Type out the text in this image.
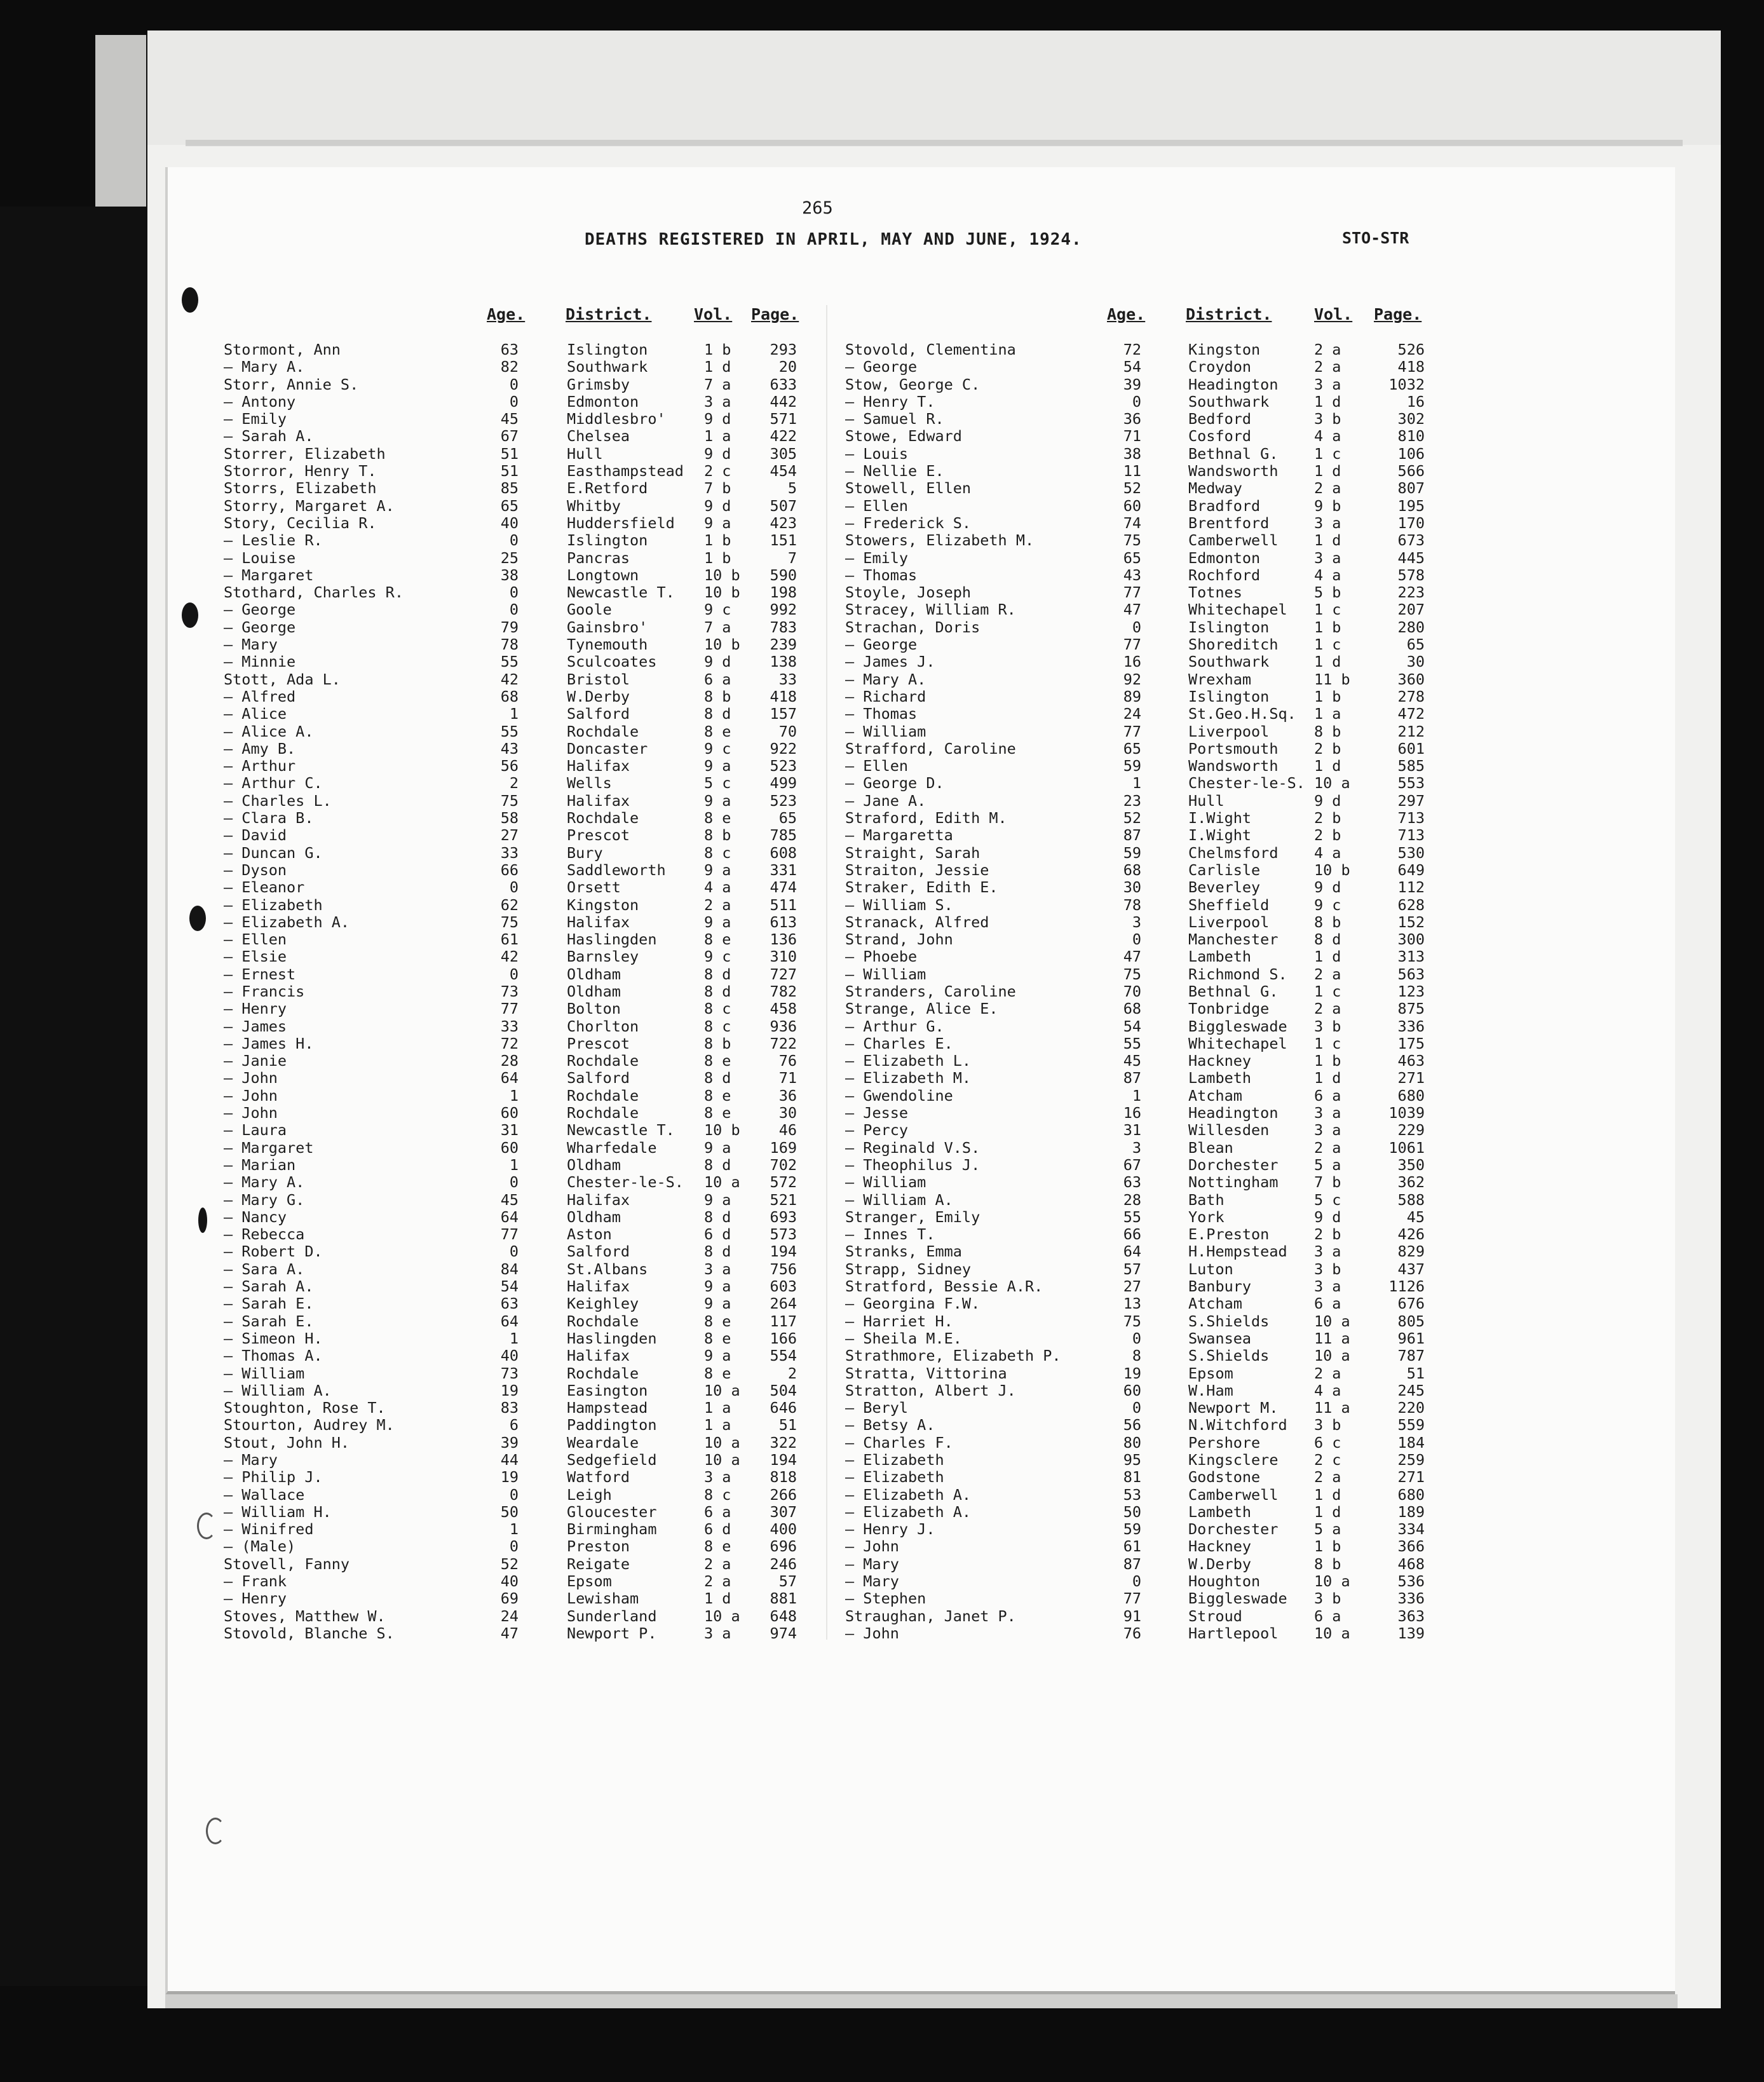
265
DEATHS REGISTERED IN APRIL, MAY AND JUNE, 1924.	STO-STR
Age.	District.	Vol. Page.	Age.	District.	Vol. Page.
Stormont, Ann	63	Islington	1 b	293
— Mary A.	82	Southwark	1 d	20
Storr, Annie S.	0	Grimsby	7 a	633
— Antony	0	Edmonton	3 a	442
— Emily	45	Middlesbro'	9 d	571
— Sarah A.	67	Chelsea	1 a	422
Storrer, Elizabeth	51	Hull	9 d	305
Storror, Henry T.	51	Easthampstead 2 c	454
Storrs, Elizabeth	85	E.Retford	7 b	5
Storry, Margaret A.	65	Whitby	9 d	507
Story, Cecilia R.	40	Huddersfield 9 a	423
— Leslie R.	0	Islington	1 b	151
— Louise	25	Pancras	1 b	7
— Margaret	38	Longtown	10 b	590
Stothard, Charles R.	0	Newcastle T. 10 b	198
— George	0	Goole	9 c	992
— George	79	Gainsbro'	7 a	783
— Mary	78	Tynemouth	10 b	239
— Minnie	55	Sculcoates	9 d	138
Stott, Ada L.	42	Bristol	6 a	33
— Alfred	68	W.Derby	8 b	418
— Alice	1	Salford	8 d	157
— Alice A.	55	Rochdale	8 e	70
— Amy B.	43	Doncaster	9 c	922
— Arthur	56	Halifax	9 a	523
— Arthur C.	2	Wells	5 c	499
— Charles L.	75	Halifax	9 a	523
— Clara B.	58	Rochdale	8 e	65
— David	27	Prescot	8 b	785
— Duncan G.	33	Bury	8 c	608
— Dyson	66	Saddleworth	9 a	331
— Eleanor	0	Orsett	4 a	474
— Elizabeth	62	Kingston	2 a	511
— Elizabeth A.	75	Halifax	9 a	613
— Ellen	61	Haslingden	8 e	136
— Elsie	42	Barnsley	9 c	310
— Ernest	0	Oldham	8 d	727
— Francis	73	Oldham	8 d	782
— Henry	77	Bolton	8 c	458
— James	33	Chorlton	8 c	936
— James H.	72	Prescot	8 b	722
— Janie	28	Rochdale	8 e	76
— John	64	Salford	8 d	71
— John	1	Rochdale	8 e	36
— John	60	Rochdale	8 e	30
— Laura	31	Newcastle T. 10 b	46
— Margaret	60	Wharfedale	9 a	169
— Marian	1	Oldham	8 d	702
— Mary A.	0	Chester-le-S. 10 a	572
— Mary G.	45	Halifax	9 a	521
— Nancy	64	Oldham	8 d	693
— Rebecca	77	Aston	6 d	573
— Robert D.	0	Salford	8 d	194
— Sara A.	84	St.Albans	3 a	756
— Sarah A.	54	Halifax	9 a	603
— Sarah E.	63	Keighley	9 a	264
— Sarah E.	64	Rochdale	8 e	117
— Simeon H.	1	Haslingden	8 e	166
— Thomas A.	40	Halifax	9 a	554
— William	73	Rochdale	8 e	2
— William A.	19	Easington	10 a	504
Stoughton, Rose T.	83	Hampstead	1 a	646
Stourton, Audrey M.	6	Paddington	1 a	51
Stout, John H.	39	Weardale	10 a	322
— Mary	44	Sedgefield	10 a	194
— Philip J.	19	Watford	3 a	818
— Wallace	0	Leigh	8 c	266
— William H.	50	Gloucester	6 a	307
— Winifred	1	Birmingham	6 d	400
— (Male)	0	Preston	8 e	696
Stovell, Fanny	52	Reigate	2 a	246
— Frank	40	Epsom	2 a	57
— Henry	69	Lewisham	1 d	881
Stoves, Matthew W.	24	Sunderland	10 a	648
Stovold, Blanche S.	47	Newport P.	3 a	974
Stovold, Clementina	72	Kingston	2 a	526
— George	54	Croydon	2 a	418
Stow, George C.	39	Headington 3 a	1032
— Henry T.	0	Southwark	1 d	16
— Samuel R.	36	Bedford	3 b	302
Stowe, Edward	71	Cosford	4 a	810
— Louis	38	Bethnal G. 1 c	106
— Nellie E.	11	Wandsworth 1 d	566
Stowell, Ellen	52	Medway	2 a	807
— Ellen	60	Bradford	9 b	195
— Frederick S.	74	Brentford	3 a	170
Stowers, Elizabeth M.	75	Camberwell 1 d	673
— Emily	65	Edmonton	3 a	445
— Thomas	43	Rochford	4 a	578
Stoyle, Joseph	77	Totnes	5 b	223
Stracey, William R.	47	Whitechapel 1 c	207
Strachan, Doris	0	Islington	1 b	280
— George	77	Shoreditch 1 c	65
— James J.	16	Southwark	1 d	30
— Mary A.	92	Wrexham	11 b	360
— Richard	89	Islington	1 b	278
— Thomas	24	St.Geo.H.Sq. 1 a	472
— William	77	Liverpool	8 b	212
Strafford, Caroline	65	Portsmouth 2 b	601
— Ellen	59	Wandsworth 1 d	585
— George D.	1	Chester-le-S. 10 a	553
— Jane A.	23	Hull	9 d	297
Straford, Edith M.	52	I.Wight	2 b	713
— Margaretta	87	I.Wight	2 b	713
Straight, Sarah	59	Chelmsford 4 a	530
Straiton, Jessie	68	Carlisle	10 b	649
Straker, Edith E.	30	Beverley	9 d	112
— William S.	78	Sheffield	9 c	628
Stranack, Alfred	3	Liverpool	8 b	152
Strand, John	0	Manchester 8 d	300
— Phoebe	47	Lambeth	1 d	313
— William	75	Richmond S. 2 a	563
Stranders, Caroline	70	Bethnal G. 1 c	123
Strange, Alice E.	68	Tonbridge	2 a	875
— Arthur G.	54	Biggleswade 3 b	336
— Charles E.	55	Whitechapel 1 c	175
— Elizabeth L.	45	Hackney	1 b	463
— Elizabeth M.	87	Lambeth	1 d	271
— Gwendoline	1	Atcham	6 a	680
— Jesse	16	Headington 3 a	1039
— Percy	31	Willesden	3 a	229
— Reginald V.S.	3	Blean	2 a	1061
— Theophilus J.	67	Dorchester 5 a	350
— William	63	Nottingham 7 b	362
— William A.	28	Bath	5 c	588
Stranger, Emily	55	York	9 d	45
— Innes T.	66	E.Preston	2 b	426
Stranks, Emma	64	H.Hempstead 3 a	829
Strapp, Sidney	57	Luton	3 b	437
Stratford, Bessie A.R.	27	Banbury	3 a	1126
— Georgina F.W.	13	Atcham	6 a	676
— Harriet H.	75	S.Shields	10 a	805
— Sheila M.E.	0	Swansea	11 a	961
Strathmore, Elizabeth P.	8	S.Shields	10 a	787
Stratta, Vittorina	19	Epsom	2 a	51
Stratton, Albert J.	60	W.Ham	4 a	245
— Beryl	0	Newport M. 11 a	220
— Betsy A.	56	N.Witchford 3 b	559
— Charles F.	80	Pershore	6 c	184
— Elizabeth	95	Kingsclere 2 c	259
— Elizabeth	81	Godstone	2 a	271
— Elizabeth A.	53	Camberwell 1 d	680
— Elizabeth A.	50	Lambeth	1 d	189
— Henry J.	59	Dorchester 5 a	334
— John	61	Hackney	1 b	366
— Mary	87	W.Derby	8 b	468
— Mary	0	Houghton	10 a	536
— Stephen	77	Biggleswade 3 b	336
Straughan, Janet P.	91	Stroud	6 a	363
— John	76	Hartlepool 10 a	139
